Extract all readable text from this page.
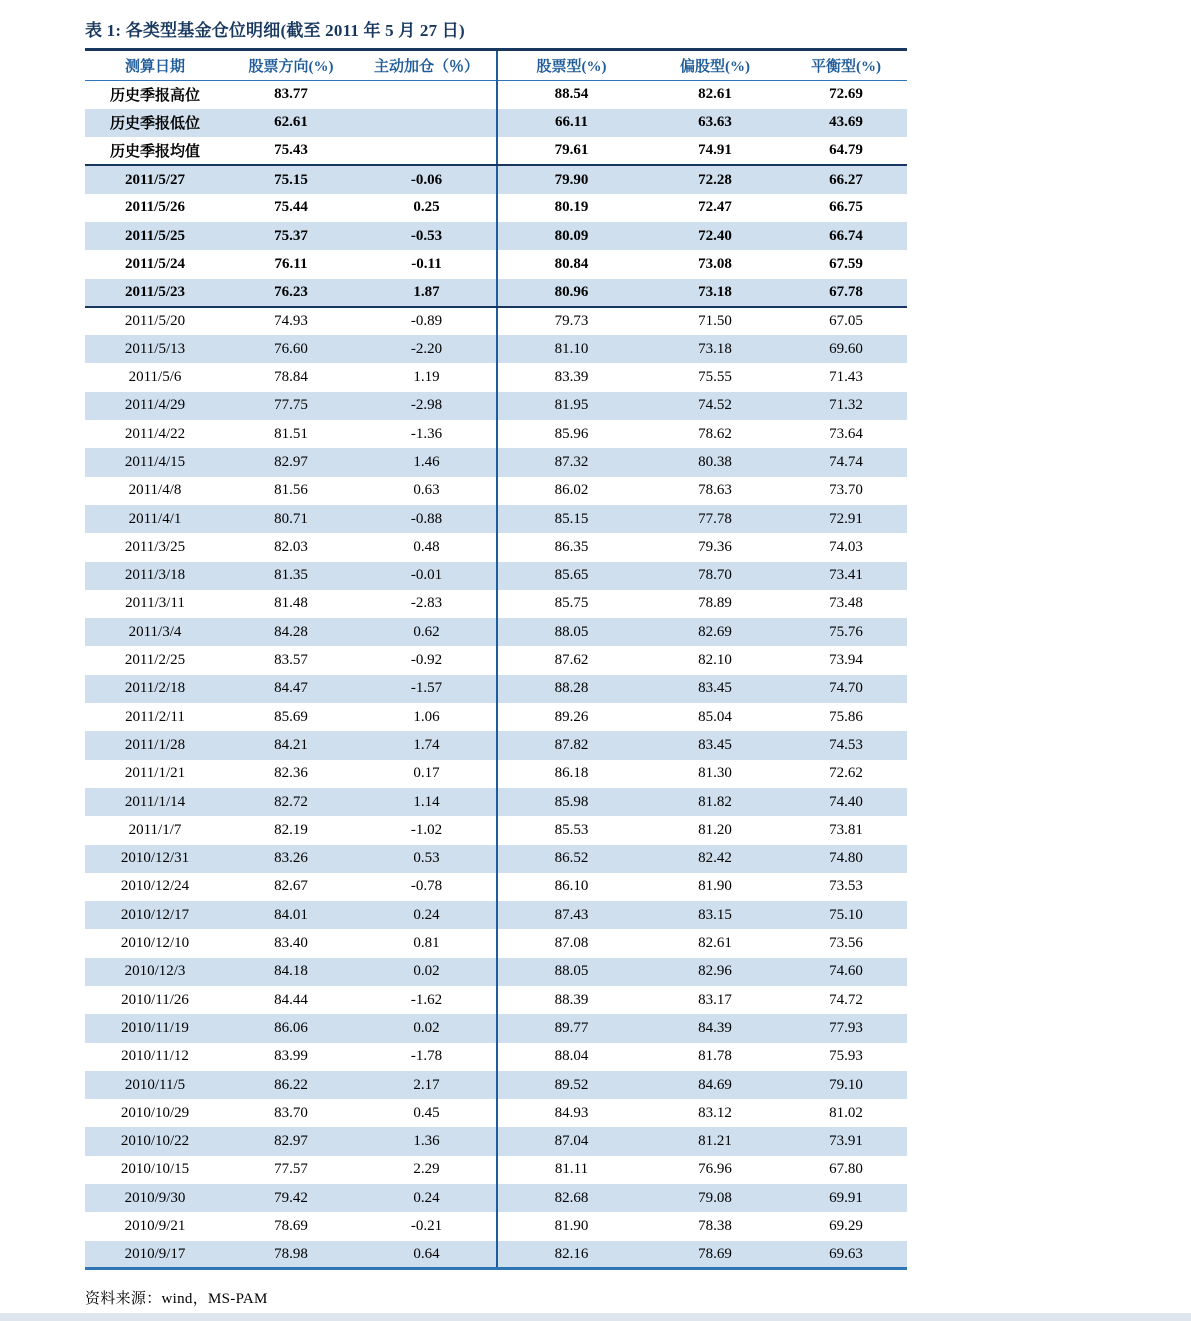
表 1: 各类型基金仓位明细(截至 2011 年 5 月 27 日)
测算日期	股票方向(%)	主动加仓（％）	股票型(%)	偏股型(%)	平衡型(%)
历史季报高位	83.77		88.54	82.61	72.69
历史季报低位	62.61		66.11	63.63	43.69
历史季报均值	75.43		79.61	74.91	64.79
2011/5/27	75.15	-0.06	79.90	72.28	66.27
2011/5/26	75.44	0.25	80.19	72.47	66.75
2011/5/25	75.37	-0.53	80.09	72.40	66.74
2011/5/24	76.11	-0.11	80.84	73.08	67.59
2011/5/23	76.23	1.87	80.96	73.18	67.78
2011/5/20	74.93	-0.89	79.73	71.50	67.05
2011/5/13	76.60	-2.20	81.10	73.18	69.60
2011/5/6	78.84	1.19	83.39	75.55	71.43
2011/4/29	77.75	-2.98	81.95	74.52	71.32
2011/4/22	81.51	-1.36	85.96	78.62	73.64
2011/4/15	82.97	1.46	87.32	80.38	74.74
2011/4/8	81.56	0.63	86.02	78.63	73.70
2011/4/1	80.71	-0.88	85.15	77.78	72.91
2011/3/25	82.03	0.48	86.35	79.36	74.03
2011/3/18	81.35	-0.01	85.65	78.70	73.41
2011/3/11	81.48	-2.83	85.75	78.89	73.48
2011/3/4	84.28	0.62	88.05	82.69	75.76
2011/2/25	83.57	-0.92	87.62	82.10	73.94
2011/2/18	84.47	-1.57	88.28	83.45	74.70
2011/2/11	85.69	1.06	89.26	85.04	75.86
2011/1/28	84.21	1.74	87.82	83.45	74.53
2011/1/21	82.36	0.17	86.18	81.30	72.62
2011/1/14	82.72	1.14	85.98	81.82	74.40
2011/1/7	82.19	-1.02	85.53	81.20	73.81
2010/12/31	83.26	0.53	86.52	82.42	74.80
2010/12/24	82.67	-0.78	86.10	81.90	73.53
2010/12/17	84.01	0.24	87.43	83.15	75.10
2010/12/10	83.40	0.81	87.08	82.61	73.56
2010/12/3	84.18	0.02	88.05	82.96	74.60
2010/11/26	84.44	-1.62	88.39	83.17	74.72
2010/11/19	86.06	0.02	89.77	84.39	77.93
2010/11/12	83.99	-1.78	88.04	81.78	75.93
2010/11/5	86.22	2.17	89.52	84.69	79.10
2010/10/29	83.70	0.45	84.93	83.12	81.02
2010/10/22	82.97	1.36	87.04	81.21	73.91
2010/10/15	77.57	2.29	81.11	76.96	67.80
2010/9/30	79.42	0.24	82.68	79.08	69.91
2010/9/21	78.69	-0.21	81.90	78.38	69.29
2010/9/17	78.98	0.64	82.16	78.69	69.63
资料来源：wind，MS-PAM
